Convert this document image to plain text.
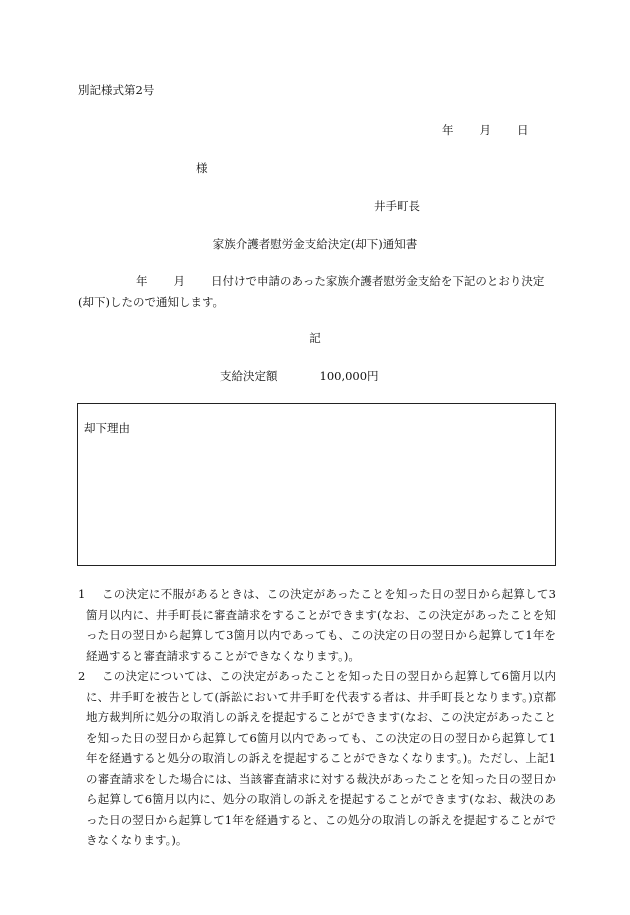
別記様式第2号
年 月 日
様
井手町長
家族介護者慰労金支給決定(却下)通知書
年 月 日付けで申請のあった家族介護者慰労金支給を下記のとおり決定
(却下)したので通知します。
記
支給決定額	100,000円
却下理由
1	この決定に不服があるときは、この決定があったことを知った日の翌日から起算して3箇月以内に、井手町長に審査請求をすることができます(なお、この決定があったことを知った日の翌日から起算して3箇月以内であっても、この決定の日の翌日から起算して1年を経過すると審査請求することができなくなります。)。
2	この決定については、この決定があったことを知った日の翌日から起算して6箇月以内に、井手町を被告として(訴訟において井手町を代表する者は、井手町長となります。)京都地方裁判所に処分の取消しの訴えを提起することができます(なお、この決定があったことを知った日の翌日から起算して6箇月以内であっても、この決定の日の翌日から起算して1年を経過すると処分の取消しの訴えを提起することができなくなります。)。ただし、上記1の審査請求をした場合には、当該審査請求に対する裁決があったことを知った日の翌日から起算して6箇月以内に、処分の取消しの訴えを提起することができます(なお、裁決のあった日の翌日から起算して1年を経過すると、この処分の取消しの訴えを提起することができなくなります。)。
